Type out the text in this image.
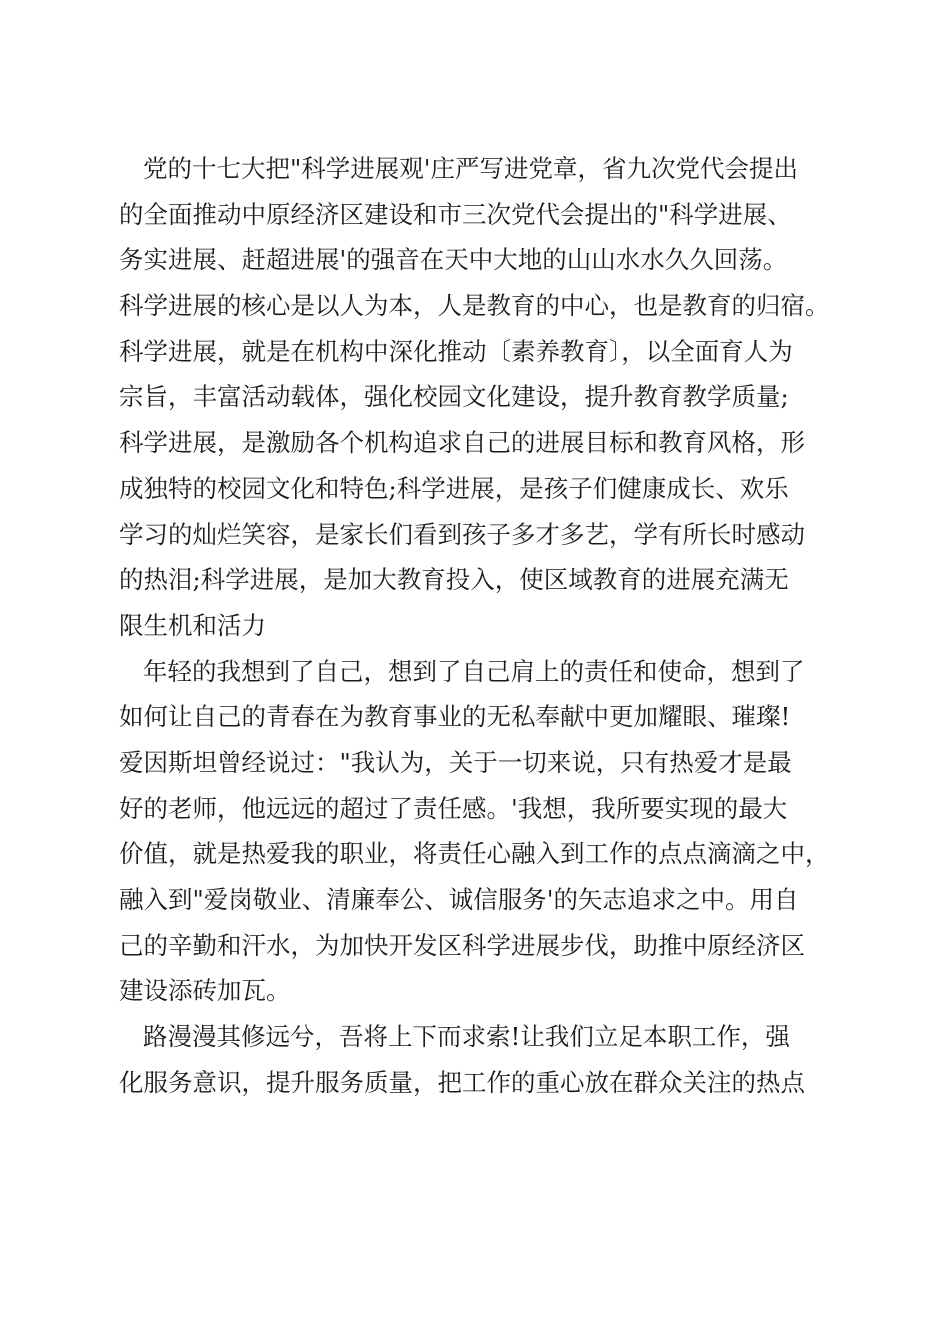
党的十七大把"科学进展观'庄严写进党章，省九次党代会提出
的全面推动中原经济区建设和市三次党代会提出的"科学进展、
务实进展、赶超进展'的强音在天中大地的山山水水久久回荡。
科学进展的核心是以人为本，人是教育的中心，也是教育的归宿。
科学进展，就是在机构中深化推动〔素养教育〕，以全面育人为
宗旨，丰富活动载体，强化校园文化建设，提升教育教学质量;
科学进展，是激励各个机构追求自己的进展目标和教育风格，形
成独特的校园文化和特色;科学进展，是孩子们健康成长、欢乐
学习的灿烂笑容，是家长们看到孩子多才多艺，学有所长时感动
的热泪;科学进展，是加大教育投入，使区域教育的进展充满无
限生机和活力
年轻的我想到了自己，想到了自己肩上的责任和使命，想到了
如何让自己的青春在为教育事业的无私奉献中更加耀眼、璀璨!
爱因斯坦曾经说过："我认为，关于一切来说，只有热爱才是最
好的老师，他远远的超过了责任感。'我想，我所要实现的最大
价值，就是热爱我的职业，将责任心融入到工作的点点滴滴之中，
融入到"爱岗敬业、清廉奉公、诚信服务'的矢志追求之中。用自
己的辛勤和汗水，为加快开发区科学进展步伐，助推中原经济区
建设添砖加瓦。
路漫漫其修远兮，吾将上下而求索!让我们立足本职工作，强
化服务意识，提升服务质量，把工作的重心放在群众关注的热点
